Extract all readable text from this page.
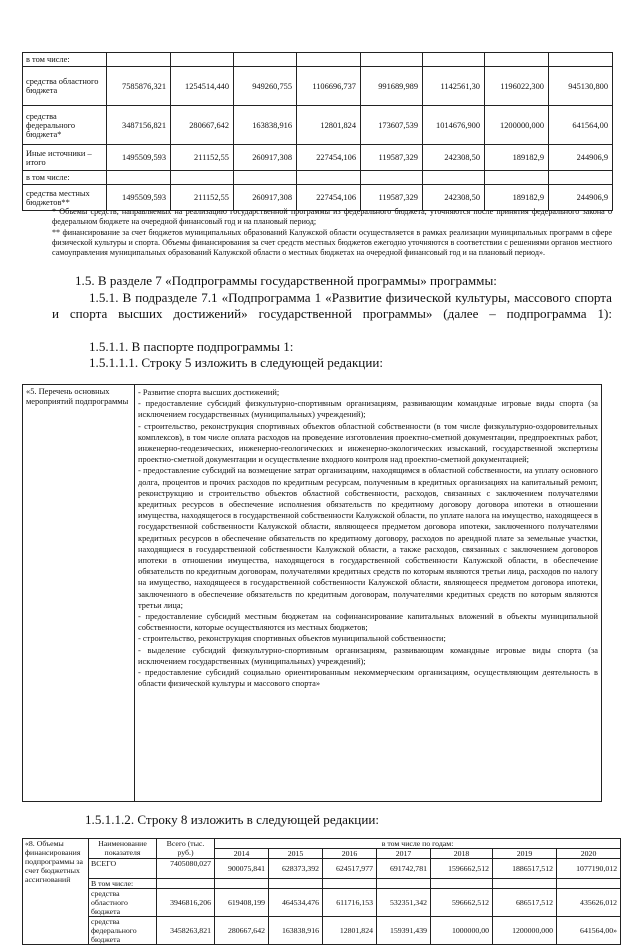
в том числе:								
средства областного бюджета	7585876,321	1254514,440	949260,755	1106696,737	991689,989	1142561,30	1196022,300	945130,800
средства федерального бюджета*	3487156,821	280667,642	163838,916	12801,824	173607,539	1014676,900	1200000,000	641564,00
Иные источники – итого	1495509,593	211152,55	260917,308	227454,106	119587,329	242308,50	189182,9	244906,9
в том числе:								
средства местных бюджетов**	1495509,593	211152,55	260917,308	227454,106	119587,329	242308,50	189182,9	244906,9

* Объемы средств, направляемых на реализацию государственной программы из федерального бюджета, уточняются после принятия федерального закона о федеральном бюджете на очередной финансовый год и на плановый период;

** финансирование за счет бюджетов муниципальных образований Калужской области осуществляется в рамках реализации муниципальных программ в сфере физической культуры и спорта. Объемы финансирования за счет средств местных бюджетов ежегодно уточняются в соответствии с решениями органов местного самоуправления муниципальных образований Калужской области о местных бюджетах на очередной финансовый год и на плановый период».

1.5. В разделе 7 «Подпрограммы государственной программы» программы:
1.5.1. В подразделе 7.1 «Подпрограмма 1 «Развитие физической культуры, массового спорта и спорта высших достижений» государственной программы» (далее – подпрограмма 1):
1.5.1.1. В паспорте подпрограммы 1:
1.5.1.1.1. Строку 5 изложить в следующей редакции:
«5. Перечень основных мероприятий подпрограммы	

- Развитие спорта высших достижений;

- предоставление субсидий физкультурно-спортивным организациям, развивающим командные игровые виды спорта (за исключением государственных (муниципальных) учреждений);

- строительство, реконструкция спортивных объектов областной собственности (в том числе физкультурно-оздоровительных комплексов), в том числе оплата расходов на проведение изготовления проектно-сметной документации, предпроектных работ, инженерно-геодезических, инженерно-геологических и инженерно-экологических изысканий, государственной экспертизы проектно-сметной документации и осуществление входного контроля над проектно-сметной документацией;

- предоставление субсидий на возмещение затрат организациям, находящимся в областной собственности, на уплату основного долга, процентов и прочих расходов по кредитным ресурсам, полученным в кредитных организациях на капитальный ремонт, реконструкцию и строительство объектов областной собственности, расходов, связанных с заключением получателями кредитных ресурсов в обеспечение исполнения обязательств по кредитному договору договора ипотеки в отношении имущества, находящегося в государственной собственности Калужской области, по уплате налога на имущество, находящееся в государственной собственности Калужской области, являющееся предметом договора ипотеки, заключенного получателями кредитных ресурсов в обеспечение обязательств по кредитному договору, расходов по арендной плате за земельные участки, находящиеся в государственной собственности Калужской области, а также расходов, связанных с заключением договоров ипотеки в отношении имущества, находящегося в государственной собственности Калужской области, в обеспечение обязательств по кредитным договорам, получателями кредитных средств по которым являются третьи лица, расходов по налогу на имущество, находящееся в государственной собственности Калужской области, являющееся предметом договора ипотеки, заключенного в обеспечение обязательств по кредитным договорам, получателями кредитных средств по которым являются третьи лица;

- предоставление субсидий местным бюджетам на софинансирование капитальных вложений в объекты муниципальной собственности, которые осуществляются из местных бюджетов;

- строительство, реконструкция спортивных объектов муниципальной собственности;

- выделение субсидий физкультурно-спортивным организациям, развивающим командные игровые виды спорта (за исключением государственных (муниципальных) учреждений);

- предоставление субсидий социально ориентированным некоммерческим организациям, осуществляющим деятельность в области физической культуры и массового спорта»

1.5.1.1.2. Строку 8 изложить в следующей редакции:
«8. Объемы финансирования подпрограммы за счет бюджетных ассигнований	Наименование показателя	Всего (тыс. руб.)	в том числе по годам:						
			2014	2015	2016	2017	2018	2019	2020
	ВСЕГО	7405080,027	900075,841	628373,392	624517,977	691742,781	1596662,512	1886517,512	1077190,012
	В том числе:								
	средства областного бюджета	3946816,206	619408,199	464534,476	611716,153	532351,342	596662,512	686517,512	435626,012
	средства федерального бюджета	3458263,821	280667,642	163838,916	12801,824	159391,439	1000000,00	1200000,000	641564,00»
